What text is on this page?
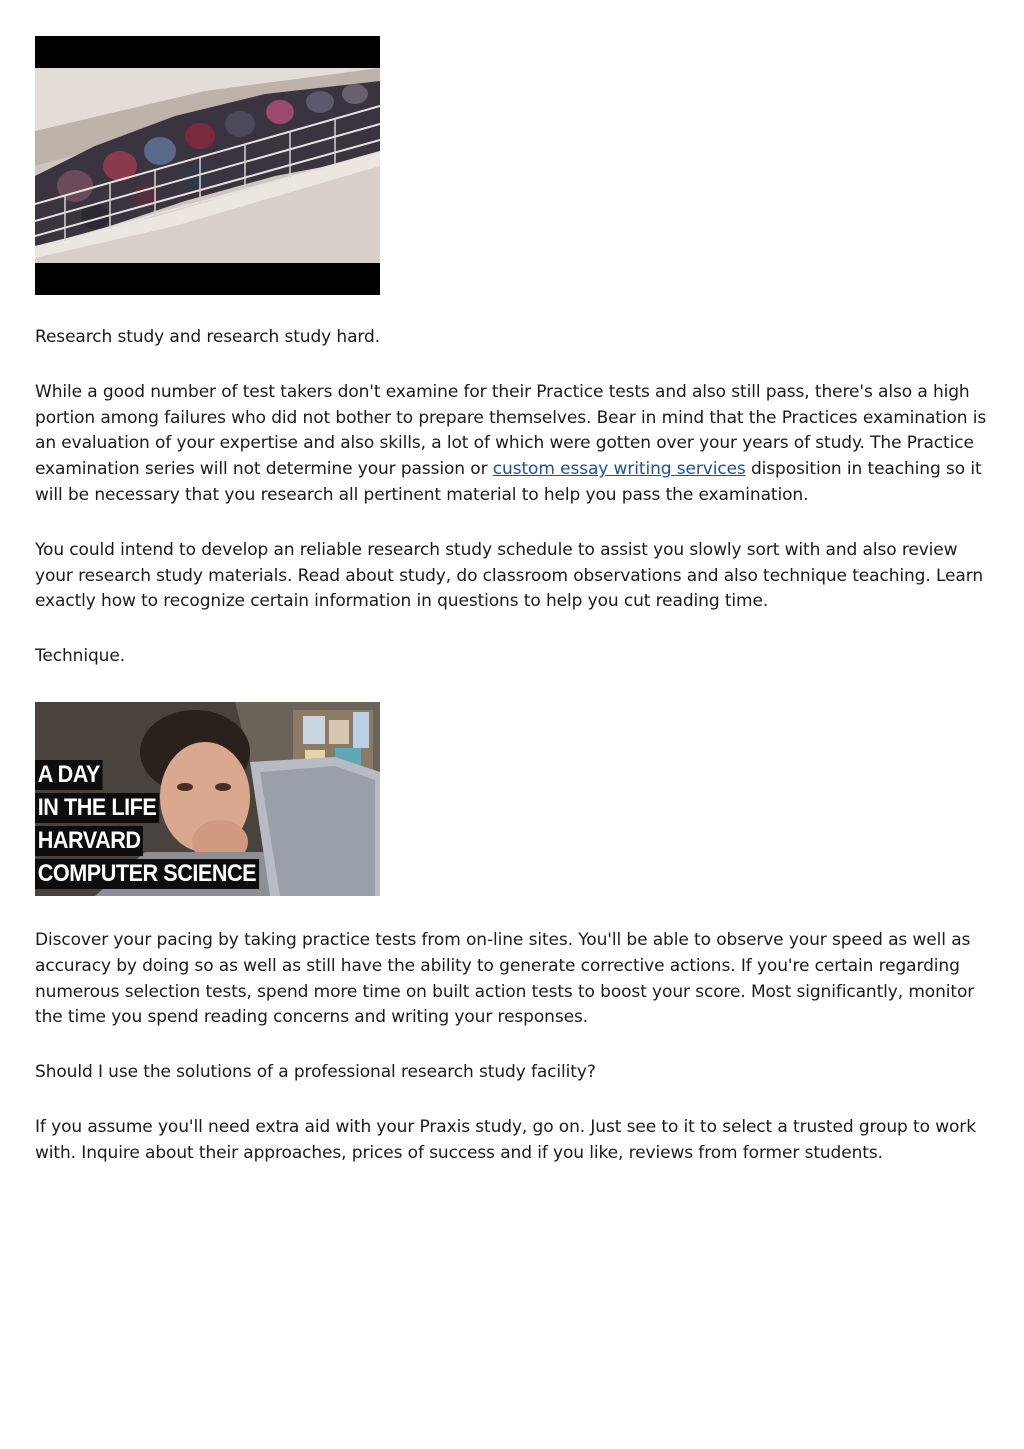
Research study and research study hard.

While a good number of test takers don't examine for their Practice tests and also still pass, there's also a high portion among failures who did not bother to prepare themselves. Bear in mind that the Practices examination is an evaluation of your expertise and also skills, a lot of which were gotten over your years of study. The Practice examination series will not determine your passion or custom essay writing services disposition in teaching so it will be necessary that you research all pertinent material to help you pass the examination.

You could intend to develop an reliable research study schedule to assist you slowly sort with and also review your research study materials. Read about study, do classroom observations and also technique teaching. Learn exactly how to recognize certain information in questions to help you cut reading time.

Technique.

A DAY
IN THE LIFE
HARVARD
COMPUTER SCIENCE

Discover your pacing by taking practice tests from on-line sites. You'll be able to observe your speed as well as accuracy by doing so as well as still have the ability to generate corrective actions. If you're certain regarding numerous selection tests, spend more time on built action tests to boost your score. Most significantly, monitor the time you spend reading concerns and writing your responses.

Should I use the solutions of a professional research study facility?

If you assume you'll need extra aid with your Praxis study, go on. Just see to it to select a trusted group to work with. Inquire about their approaches, prices of success and if you like, reviews from former students.
